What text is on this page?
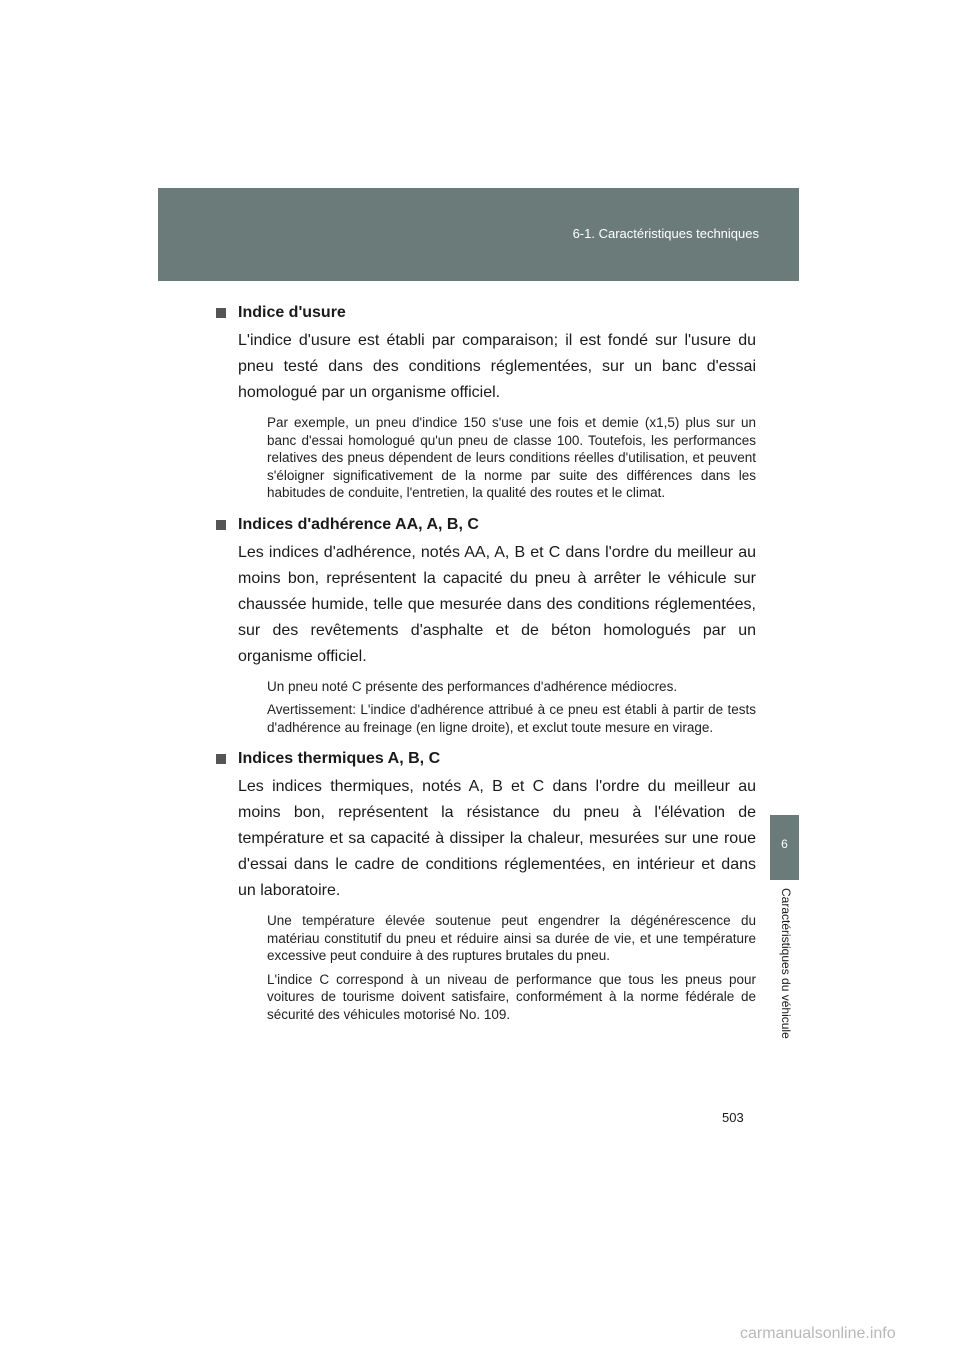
6-1. Caractéristiques techniques
6
Caractéristiques du véhicule
Indice d'usure
L'indice d'usure est établi par comparaison; il est fondé sur l'usure du pneu testé dans des conditions réglementées, sur un banc d'essai homologué par un organisme officiel.
Par exemple, un pneu d'indice 150 s'use une fois et demie (x1,5) plus sur un banc d'essai homologué qu'un pneu de classe 100. Toutefois, les performances relatives des pneus dépendent de leurs conditions réelles d'utilisation, et peuvent s'éloigner significativement de la norme par suite des différences dans les habitudes de conduite, l'entretien, la qualité des routes et le climat.
Indices d'adhérence AA, A, B, C
Les indices d'adhérence, notés AA, A, B et C dans l'ordre du meilleur au moins bon, représentent la capacité du pneu à arrêter le véhicule sur chaussée humide, telle que mesurée dans des conditions réglementées, sur des revêtements d'asphalte et de béton homologués par un organisme officiel.
Un pneu noté C présente des performances d'adhérence médiocres.
Avertissement: L'indice d'adhérence attribué à ce pneu est établi à partir de tests d'adhérence au freinage (en ligne droite), et exclut toute mesure en virage.
Indices thermiques A, B, C
Les indices thermiques, notés A, B et C dans l'ordre du meilleur au moins bon, représentent la résistance du pneu à l'élévation de température et sa capacité à dissiper la chaleur, mesurées sur une roue d'essai dans le cadre de conditions réglementées, en intérieur et dans un laboratoire.
Une température élevée soutenue peut engendrer la dégénérescence du matériau constitutif du pneu et réduire ainsi sa durée de vie, et une température excessive peut conduire à des ruptures brutales du pneu.
L'indice C correspond à un niveau de performance que tous les pneus pour voitures de tourisme doivent satisfaire, conformément à la norme fédérale de sécurité des véhicules motorisé No. 109.
503
carmanualsonline.info
